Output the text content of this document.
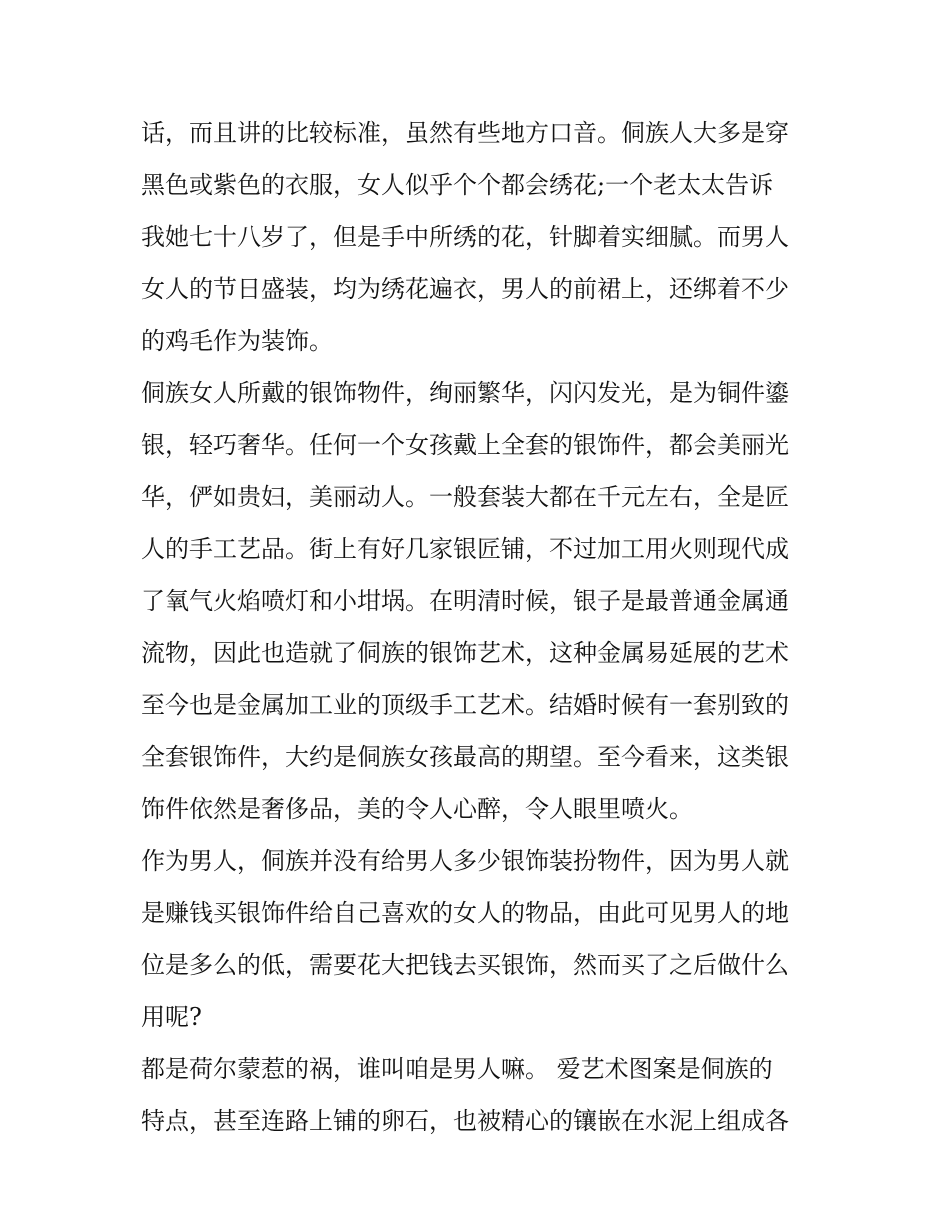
话，而且讲的比较标准，虽然有些地方口音。侗族人大多是穿
黑色或紫色的衣服，女人似乎个个都会绣花;一个老太太告诉
我她七十八岁了，但是手中所绣的花，针脚着实细腻。而男人
女人的节日盛装，均为绣花遍衣，男人的前裙上，还绑着不少
的鸡毛作为装饰。
侗族女人所戴的银饰物件，绚丽繁华，闪闪发光，是为铜件鎏
银，轻巧奢华。任何一个女孩戴上全套的银饰件，都会美丽光
华，俨如贵妇，美丽动人。一般套装大都在千元左右，全是匠
人的手工艺品。街上有好几家银匠铺，不过加工用火则现代成
了氧气火焰喷灯和小坩埚。在明清时候，银子是最普通金属通
流物，因此也造就了侗族的银饰艺术，这种金属易延展的艺术
至今也是金属加工业的顶级手工艺术。结婚时候有一套别致的
全套银饰件，大约是侗族女孩最高的期望。至今看来，这类银
饰件依然是奢侈品，美的令人心醉，令人眼里喷火。
作为男人，侗族并没有给男人多少银饰装扮物件，因为男人就
是赚钱买银饰件给自己喜欢的女人的物品，由此可见男人的地
位是多么的低，需要花大把钱去买银饰，然而买了之后做什么
用呢?
都是荷尔蒙惹的祸，谁叫咱是男人嘛。 爱艺术图案是侗族的
特点，甚至连路上铺的卵石，也被精心的镶嵌在水泥上组成各
